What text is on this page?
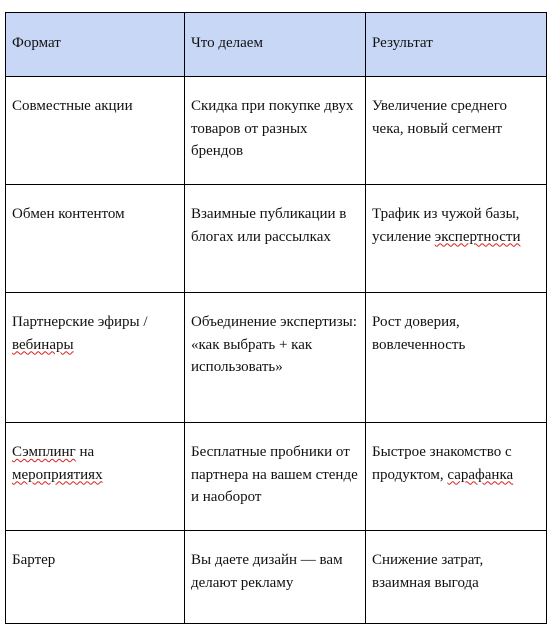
Формат	Что делаем	Результат
Совместные акции	Скидка при покупке двух товаров от разных брендов	Увеличение среднего чека, новый сегмент
Обмен контентом	Взаимные публикации в блогах или рассылках	Трафик из чужой базы, усиление экспертности
Партнерские эфиры / вебинары	Объединение экспертизы: «как выбрать + как использовать»	Рост доверия, вовлеченность
Сэмплинг на мероприятиях	Бесплатные пробники от партнера на вашем стенде и наоборот	Быстрое знакомство с продуктом, сарафанка
Бартер	Вы даете дизайн — вам делают рекламу	Снижение затрат, взаимная выгода
